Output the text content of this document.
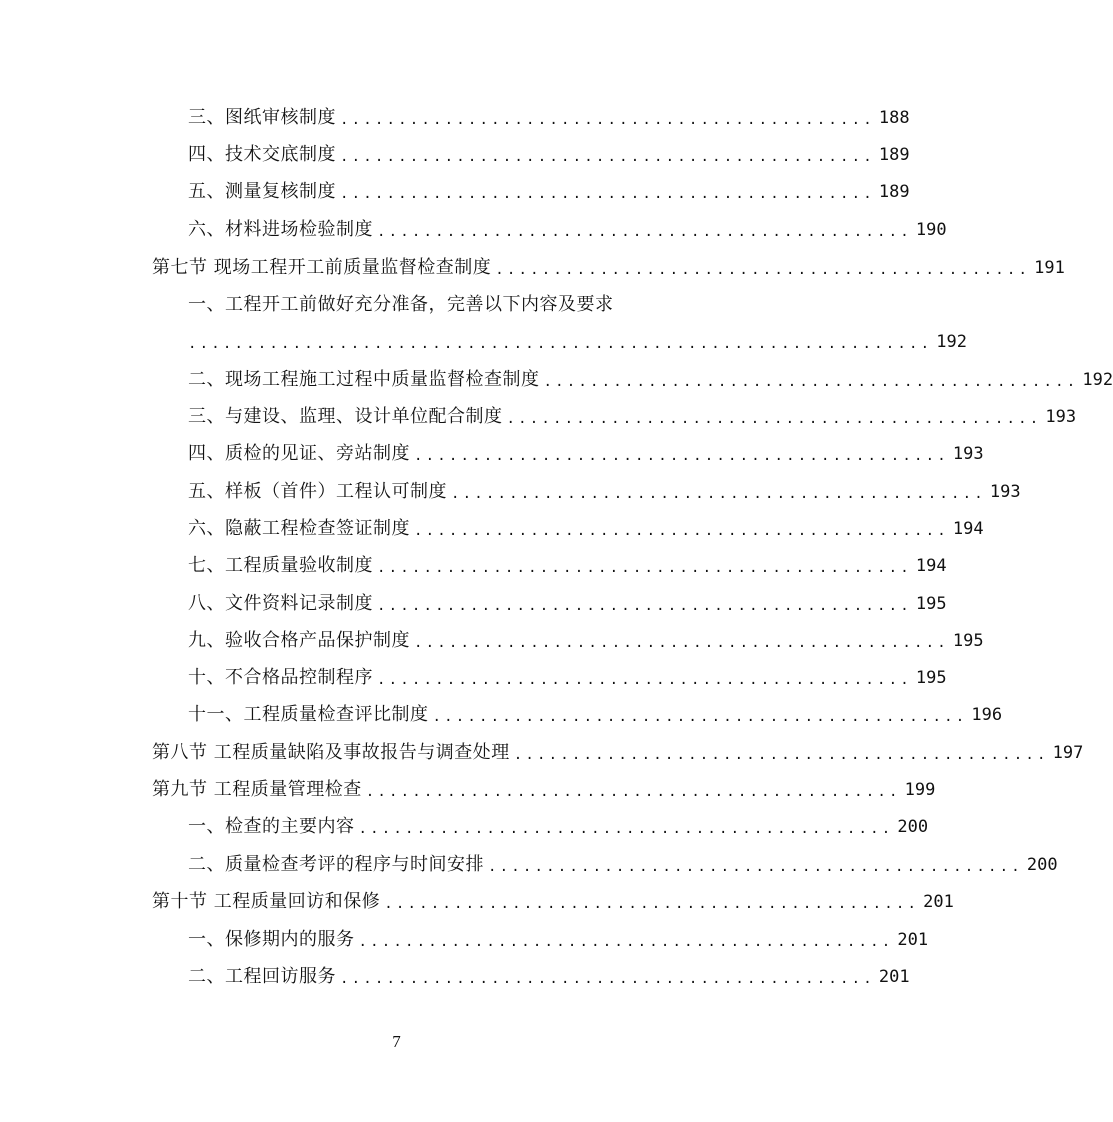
三、图纸审核制度 .............................................. 188
四、技术交底制度 .............................................. 189
五、测量复核制度 .............................................. 189
六、材料进场检验制度 .............................................. 190
第七节 现场工程开工前质量监督检查制度 .............................................. 191
一、工程开工前做好充分准备，完善以下内容及要求
................................................................ 192
二、现场工程施工过程中质量监督检查制度 .............................................. 192
三、与建设、监理、设计单位配合制度 .............................................. 193
四、质检的见证、旁站制度 .............................................. 193
五、样板（首件）工程认可制度 .............................................. 193
六、隐蔽工程检查签证制度 .............................................. 194
七、工程质量验收制度 .............................................. 194
八、文件资料记录制度 .............................................. 195
九、验收合格产品保护制度 .............................................. 195
十、不合格品控制程序 .............................................. 195
十一、工程质量检查评比制度 .............................................. 196
第八节 工程质量缺陷及事故报告与调查处理 .............................................. 197
第九节 工程质量管理检查 .............................................. 199
一、检查的主要内容 .............................................. 200
二、质量检查考评的程序与时间安排 .............................................. 200
第十节 工程质量回访和保修 .............................................. 201
一、保修期内的服务 .............................................. 201
二、工程回访服务 .............................................. 201
7
